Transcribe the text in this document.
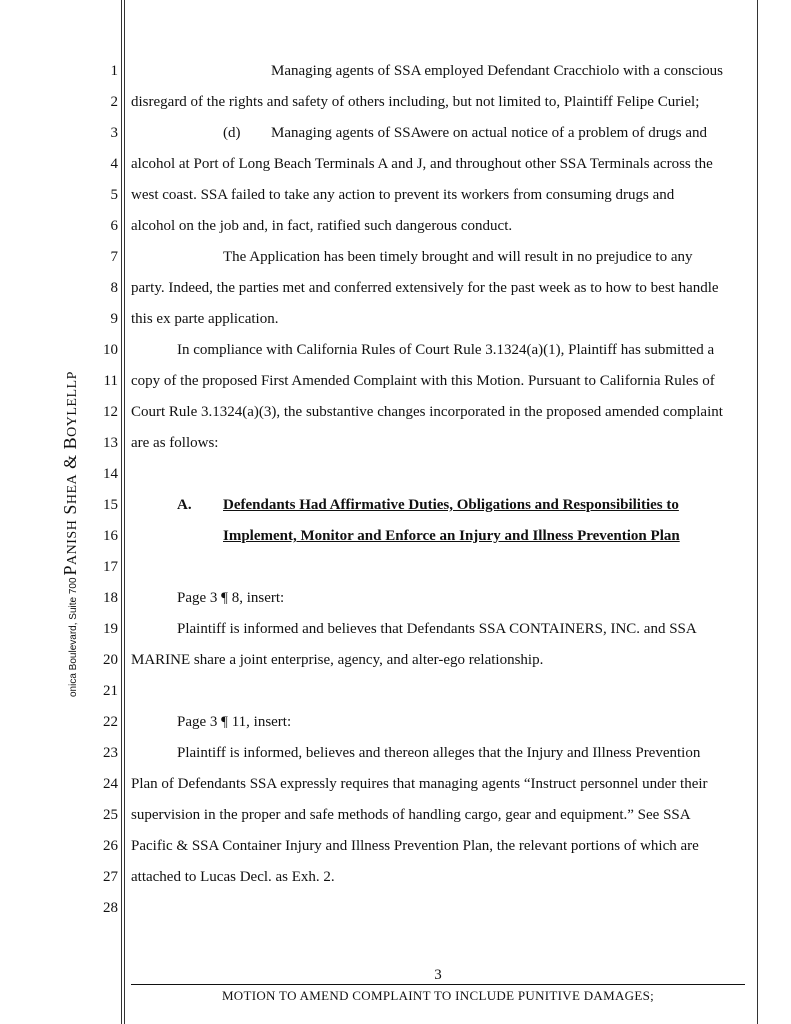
onica Boulevard, Suite 700PANISH SHEA & BOYLELLP
1
2
3
4
5
6
7
8
9
10
11
12
13
14
15
16
17
18
19
20
21
22
23
24
25
26
27
28
Managing agents of SSA employed Defendant Cracchiolo with a conscious
disregard of the rights and safety of others including, but not limited to, Plaintiff Felipe Curiel;
(d) Managing agents of SSAwere on actual notice of a problem of drugs and
alcohol at Port of Long Beach Terminals A and J, and throughout other SSA Terminals across the
west coast. SSA failed to take any action to prevent its workers from consuming drugs and
alcohol on the job and, in fact, ratified such dangerous conduct.
The Application has been timely brought and will result in no prejudice to any
party. Indeed, the parties met and conferred extensively for the past week as to how to best handle
this ex parte application.
In compliance with California Rules of Court Rule 3.1324(a)(1), Plaintiff has submitted a
copy of the proposed First Amended Complaint with this Motion. Pursuant to California Rules of
Court Rule 3.1324(a)(3), the substantive changes incorporated in the proposed amended complaint
are as follows:
A. Defendants Had Affirmative Duties, Obligations and Responsibilities to
Implement, Monitor and Enforce an Injury and Illness Prevention Plan
Page 3 ¶ 8, insert:
Plaintiff is informed and believes that Defendants SSA CONTAINERS, INC. and SSA
MARINE share a joint enterprise, agency, and alter-ego relationship.
Page 3 ¶ 11, insert:
Plaintiff is informed, believes and thereon alleges that the Injury and Illness Prevention
Plan of Defendants SSA expressly requires that managing agents “Instruct personnel under their
supervision in the proper and safe methods of handling cargo, gear and equipment.” See SSA
Pacific & SSA Container Injury and Illness Prevention Plan, the relevant portions of which are
attached to Lucas Decl. as Exh. 2.
3
MOTION TO AMEND COMPLAINT TO INCLUDE PUNITIVE DAMAGES;
